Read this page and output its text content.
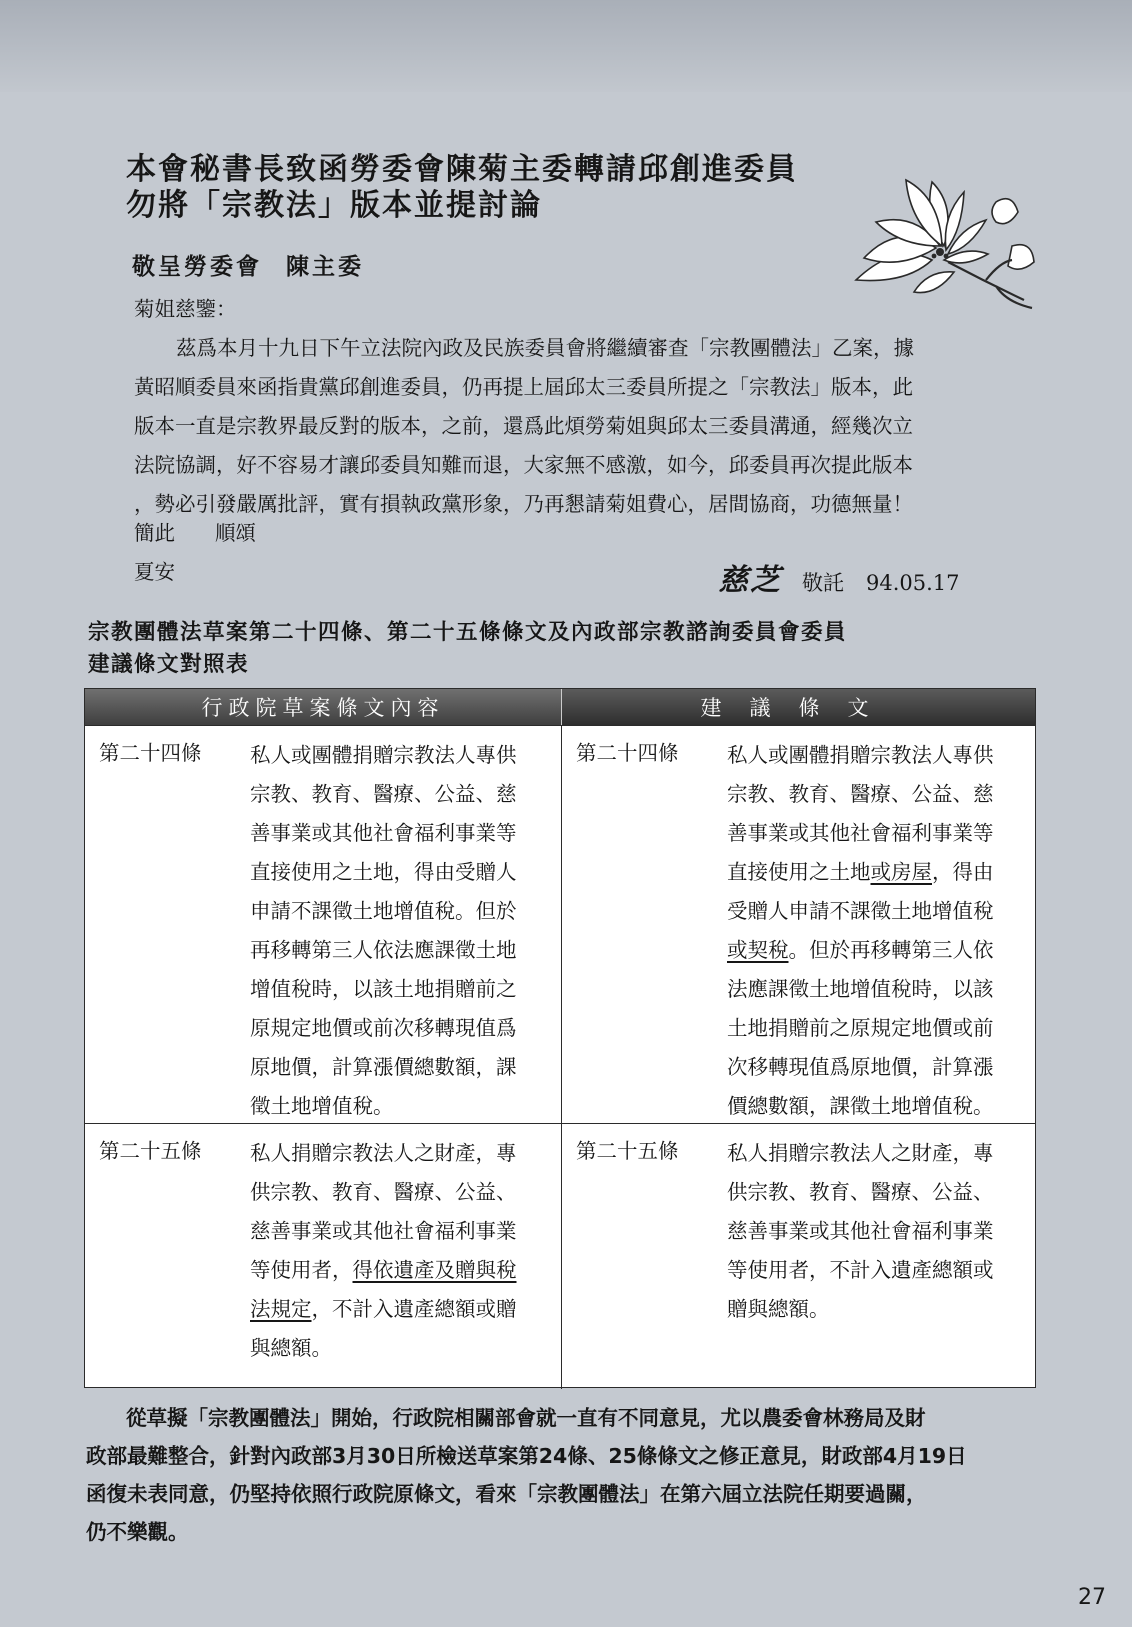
本會秘書長致函勞委會陳菊主委轉請邱創進委員
勿將「宗教法」版本並提討論
敬呈勞委會 陳主委
菊姐慈鑒：
茲爲本月十九日下午立法院內政及民族委員會將繼續審查「宗教團體法」乙案，據
黃昭順委員來函指貴黨邱創進委員，仍再提上屆邱太三委員所提之「宗教法」版本，此
版本一直是宗教界最反對的版本，之前，還爲此煩勞菊姐與邱太三委員溝通，經幾次立
法院協調，好不容易才讓邱委員知難而退，大家無不感激，如今，邱委員再次提此版本
，勢必引發嚴厲批評，實有損執政黨形象，乃再懇請菊姐費心，居間協商，功德無量！
簡此 順頌
夏安	慈芝 敬託 94.05.17
宗教團體法草案第二十四條、第二十五條條文及內政部宗教諮詢委員會委員
建議條文對照表
行政院草案條文內容	建議條文
第二十四條 私人或團體捐贈宗教法人專供
宗教、教育、醫療、公益、慈
善事業或其他社會福利事業等
直接使用之土地，得由受贈人
申請不課徵土地增值稅。但於
再移轉第三人依法應課徵土地
增值稅時，以該土地捐贈前之
原規定地價或前次移轉現值爲
原地價，計算漲價總數額，課
徵土地增值稅。
第二十四條 私人或團體捐贈宗教法人專供
宗教、教育、醫療、公益、慈
善事業或其他社會福利事業等
直接使用之土地或房屋，得由
受贈人申請不課徵土地增值稅
或契稅。但於再移轉第三人依
法應課徵土地增值稅時，以該
土地捐贈前之原規定地價或前
次移轉現值爲原地價，計算漲
價總數額，課徵土地增值稅。
第二十五條 私人捐贈宗教法人之財產，專
供宗教、教育、醫療、公益、
慈善事業或其他社會福利事業
等使用者，得依遺產及贈與稅
法規定，不計入遺產總額或贈
與總額。
第二十五條 私人捐贈宗教法人之財產，專
供宗教、教育、醫療、公益、
慈善事業或其他社會福利事業
等使用者，不計入遺產總額或
贈與總額。
從草擬「宗教團體法」開始，行政院相關部會就一直有不同意見，尤以農委會林務局及財
政部最難整合，針對內政部3月30日所檢送草案第24條、25條條文之修正意見，財政部4月19日
函復未表同意，仍堅持依照行政院原條文，看來「宗教團體法」在第六屆立法院任期要過關，
仍不樂觀。
27
